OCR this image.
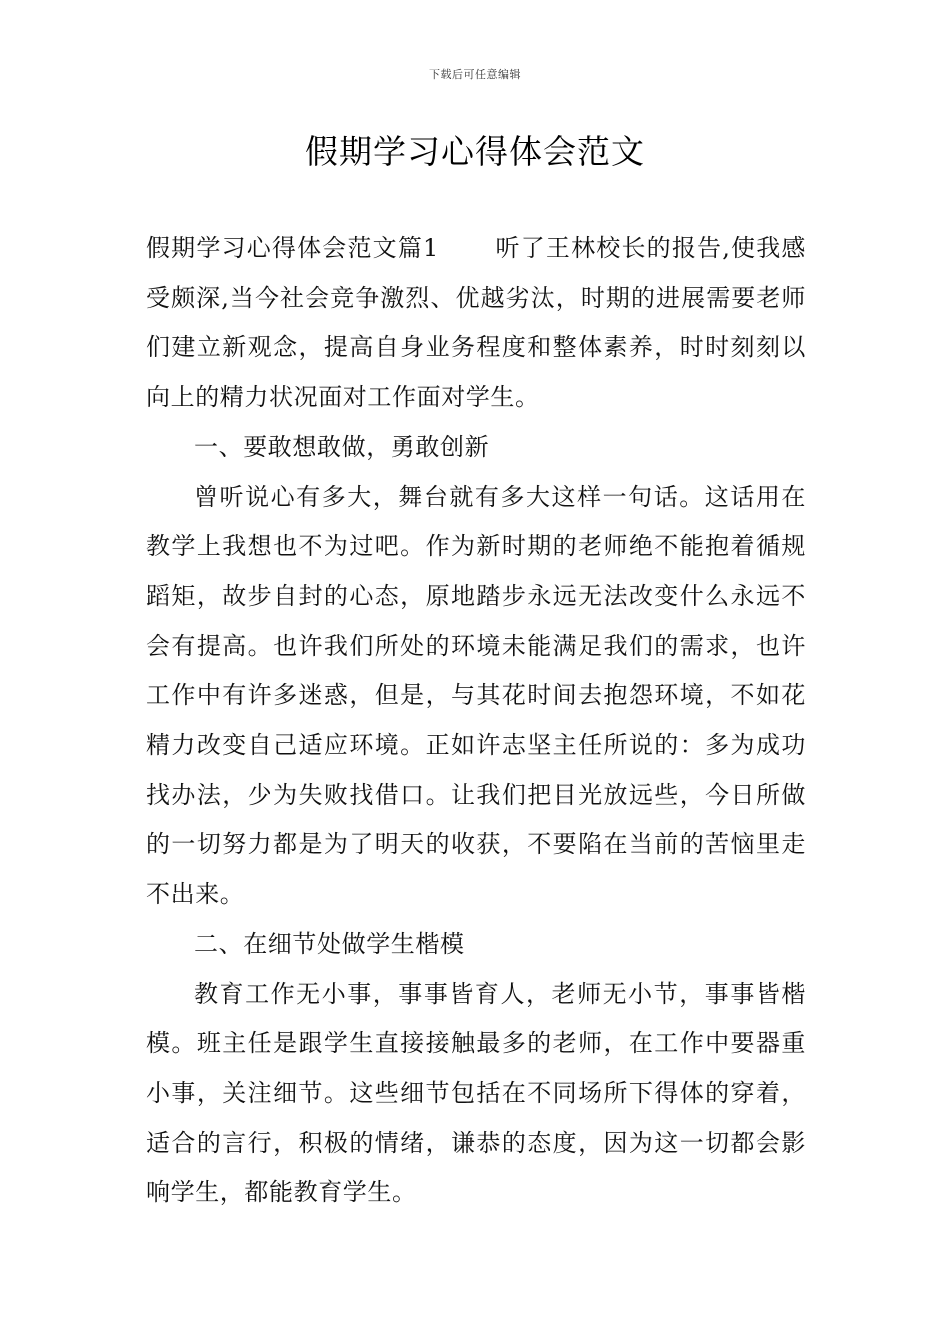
下载后可任意编辑
假期学习心得体会范文

假期学习心得体会范文篇1 听了王林校长的报告,使我感受颇深,当今社会竞争激烈、优越劣汰，时期的进展需要老师们建立新观念，提高自身业务程度和整体素养，时时刻刻以向上的精力状况面对工作面对学生。

一、要敢想敢做，勇敢创新

曾听说心有多大，舞台就有多大这样一句话。这话用在教学上我想也不为过吧。作为新时期的老师绝不能抱着循规蹈矩，故步自封的心态，原地踏步永远无法改变什么永远不会有提高。也许我们所处的环境未能满足我们的需求，也许工作中有许多迷惑，但是，与其花时间去抱怨环境，不如花精力改变自己适应环境。正如许志坚主任所说的：多为成功找办法，少为失败找借口。让我们把目光放远些，今日所做的一切努力都是为了明天的收获，不要陷在当前的苦恼里走不出来。

二、在细节处做学生楷模

教育工作无小事，事事皆育人，老师无小节，事事皆楷模。班主任是跟学生直接接触最多的老师，在工作中要器重小事，关注细节。这些细节包括在不同场所下得体的穿着，适合的言行，积极的情绪，谦恭的态度，因为这一切都会影响学生，都能教育学生。
